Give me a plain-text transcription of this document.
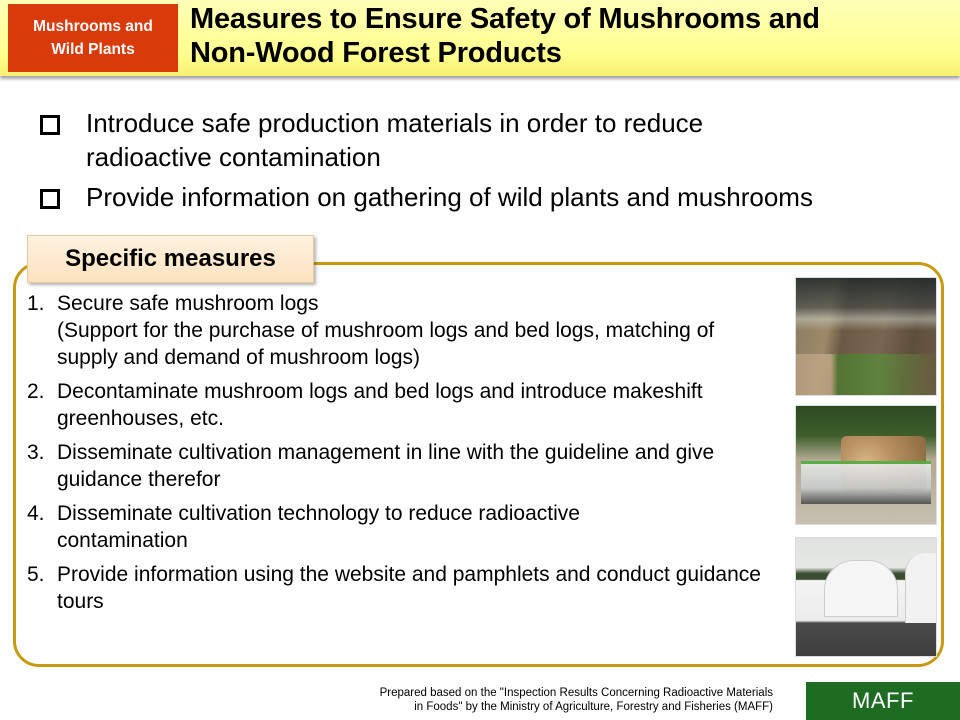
Mushrooms and
Wild Plants
Measures to Ensure Safety of Mushrooms and
Non-Wood Forest Products
Introduce safe production materials in order to reduce radioactive contamination
Provide information on gathering of wild plants and mushrooms
Specific measures
1. Secure safe mushroom logs
(Support for the purchase of mushroom logs and bed logs, matching of supply and demand of mushroom logs)
2. Decontaminate mushroom logs and bed logs and introduce makeshift greenhouses, etc.
3. Disseminate cultivation management in line with the guideline and give guidance therefor
4. Disseminate cultivation technology to reduce radioactive contamination
5. Provide information using the website and pamphlets and conduct guidance tours
Prepared based on the "Inspection Results Concerning Radioactive Materials
in Foods" by the Ministry of Agriculture, Forestry and Fisheries (MAFF)	MAFF
